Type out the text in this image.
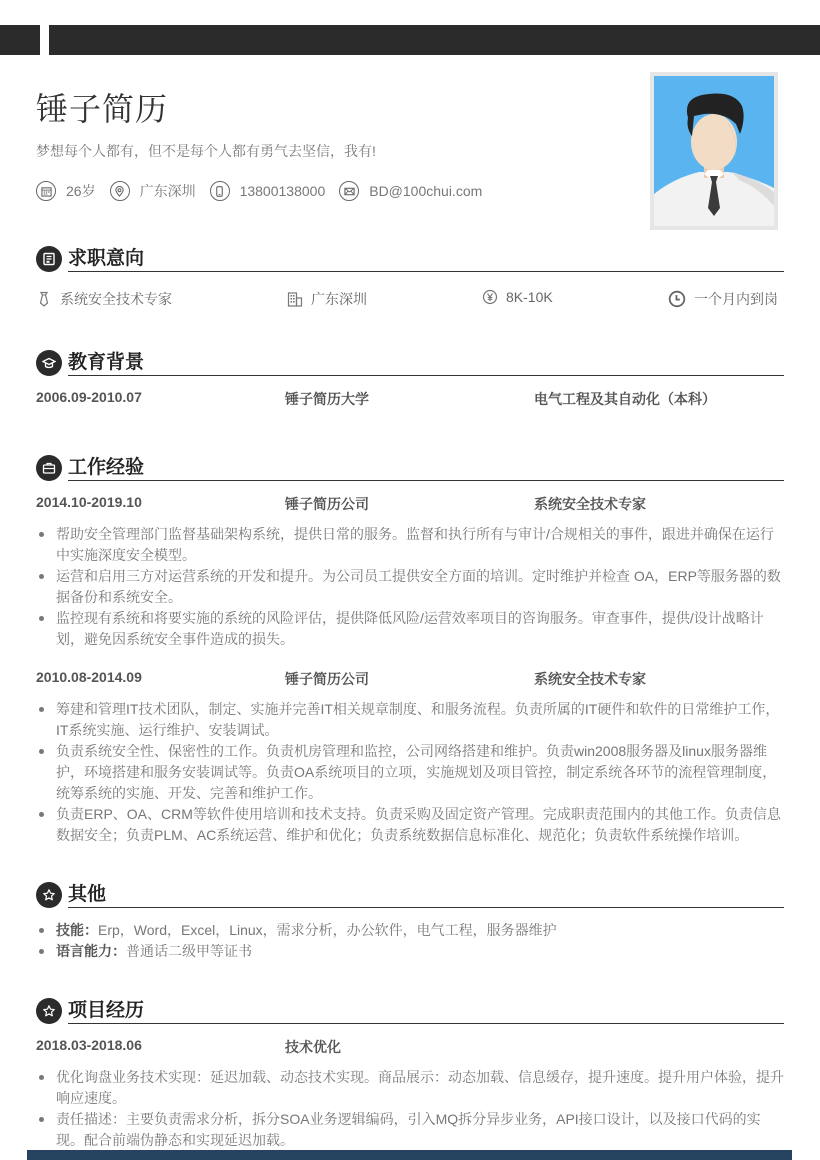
锤子简历
梦想每个人都有，但不是每个人都有勇气去坚信，我有!
26岁	广东深圳	13800138000	BD@100chui.com
求职意向
系统安全技术专家	广东深圳	8K-10K	一个月内到岗
教育背景
2006.09-2010.07	锤子简历大学	电气工程及其自动化（本科）
工作经验
2014.10-2019.10	锤子简历公司	系统安全技术专家
帮助安全管理部门监督基础架构系统，提供日常的服务。监督和执行所有与审计/合规相关的事件，跟进并确保在运行中实施深度安全模型。
运营和启用三方对运营系统的开发和提升。为公司员工提供安全方面的培训。定时维护并检查 OA，ERP等服务器的数据备份和系统安全。
监控现有系统和将要实施的系统的风险评估，提供降低风险/运营效率项目的咨询服务。审查事件，提供/设计战略计划，避免因系统安全事件造成的损失。
2010.08-2014.09	锤子简历公司	系统安全技术专家
筹建和管理IT技术团队，制定、实施并完善IT相关规章制度、和服务流程。负责所属的IT硬件和软件的日常维护工作，IT系统实施、运行维护、安装调试。
负责系统安全性、保密性的工作。负责机房管理和监控，公司网络搭建和维护。负责win2008服务器及linux服务器维护，环境搭建和服务安装调试等。负责OA系统项目的立项，实施规划及项目管控，制定系统各环节的流程管理制度，统筹系统的实施、开发、完善和维护工作。
负责ERP、OA、CRM等软件使用培训和技术支持。负责采购及固定资产管理。完成职责范围内的其他工作。负责信息数据安全；负责PLM、AC系统运营、维护和优化；负责系统数据信息标准化、规范化；负责软件系统操作培训。
其他
技能：Erp，Word，Excel，Linux，需求分析，办公软件，电气工程，服务器维护
语言能力：普通话二级甲等证书
项目经历
2018.03-2018.06	技术优化
优化询盘业务技术实现：延迟加载、动态技术实现。商品展示：动态加载、信息缓存，提升速度。提升用户体验，提升响应速度。
责任描述：主要负责需求分析，拆分SOA业务逻辑编码，引入MQ拆分异步业务，API接口设计，以及接口代码的实现。配合前端伪静态和实现延迟加载。
